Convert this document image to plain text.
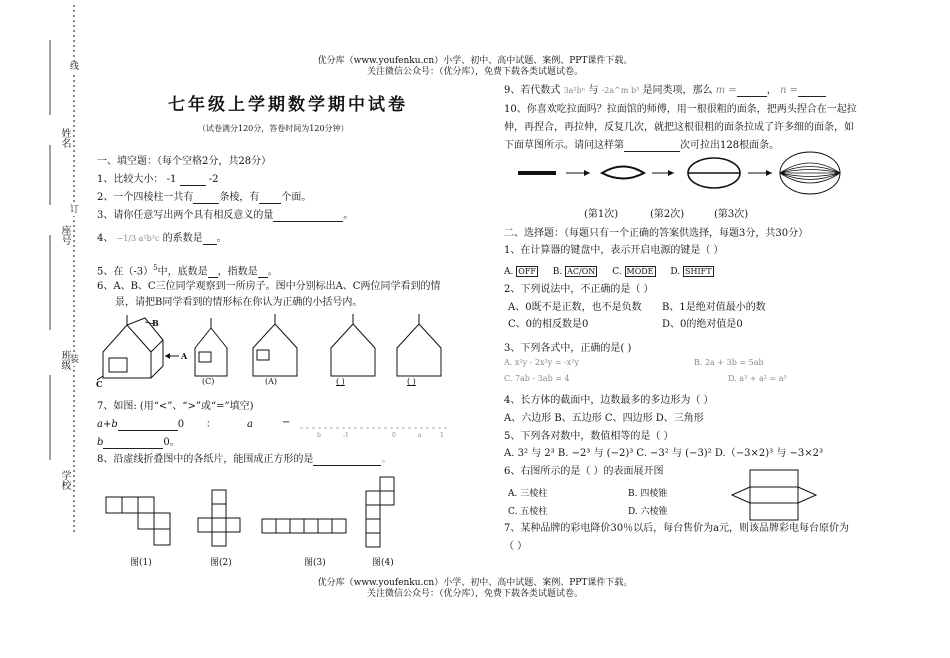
优分库（www.youfenku.cn）小学、初中、高中试题、案例、PPT课件下载。
关注微信公众号：（优分库），免费下载各类试题试卷。
姓名
座号
班级
学校
线
订
装
七年级上学期数学期中试卷
（试卷满分120分，答卷时间为120分钟）
一、填空题：（每个空格2分，共28分）
1、比较大小： -1	-2
2、一个四棱柱一共有	条棱，有 个面。
3、请你任意写出两个具有相反意义的量	。
4、 −1/3 a²b³c 的系数是 。
5、在$(-3)^5$中，底数是 ，指数是 。
6、A、B、C三位同学观察到一所房子。图中分别标出A、C两位同学看到的情
景，请把B同学看到的情形标在你认为正确的小括号内。
B
A
C	(C)	(A)	( )	( )
7、如图: (用“<”、“>”或“=”填空)
a+b	0 ：	a	−
b	0。
b	-1	0	a	1
8、沿虚线折叠图中的各纸片，能围成正方形的是	。
图(1)	图(2)	图(3)	图(4)
9、若代数式 3a²bⁿ 与 -2a^m b³ 是同类项，那么 m =	， n =
10、你喜欢吃拉面吗？拉面馆的师傅，用一根很粗的面条，把两头捏合在一起拉
伸，再捏合，再拉伸，反复几次，就把这根很粗的面条拉成了许多细的面条，如
下面草图所示。请问这样第	次可拉出128根面条。
(第1次)	(第2次)	(第3次)
二、选择题：（每题只有一个正确的答案供选择，每题3分，共30分）
1、在计算器的键盘中，表示开启电源的键是（ ）
A. OFF B. AC/ON C. MODE D. SHIFT
2、下列说法中，不正确的是（ ）
A、0既不是正数，也不是负数 B、1是绝对值最小的数
C、0的相反数是0	D、0的绝对值是0
3、下列各式中，正确的是( )
A. x²y - 2x²y = -x²y	B. 2a + 3b = 5ab
C. 7ab - 3ab = 4	D. a³ + a² = a⁵
4、长方体的截面中，边数最多的多边形为（ ）
A、六边形 B、五边形 C、四边形 D、三角形
5、下列各对数中，数值相等的是（ ）
A. 3² 与 2³ B. −2³ 与 (−2)³ C. −3² 与 (−3)² D.（−3×2)³ 与 −3×2³
6、右图所示的是（ ）的表面展开图
A. 三棱柱	B. 四棱锥
C. 五棱柱	D. 六棱锥
7、某种品牌的彩电降价30％以后，每台售价为a元，则该品牌彩电每台原价为
（ ）
优分库（www.youfenku.cn）小学、初中、高中试题、案例、PPT课件下载。
关注微信公众号：（优分库），免费下载各类试题试卷。
